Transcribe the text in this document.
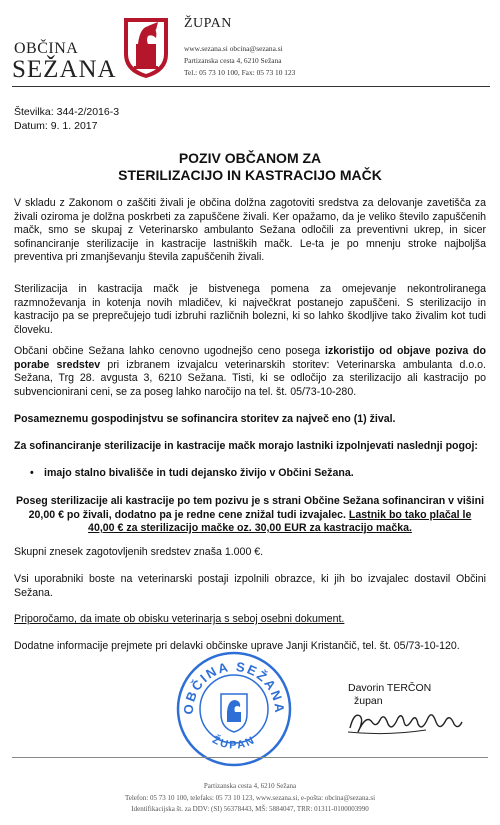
OBČINA
SEŽANA
ŽUPAN
www.sezana.si obcina@sezana.si
Partizanska cesta 4, 6210 Sežana
Tel.: 05 73 10 100, Fax: 05 73 10 123
Številka: 344-2/2016-3
Datum: 9. 1. 2017
POZIV OBČANOM ZA
STERILIZACIJO IN KASTRACIJO MAČK
V skladu z Zakonom o zaščiti živali je občina dolžna zagotoviti sredstva za delovanje zavetišča za živali oziroma je dolžna poskrbeti za zapuščene živali. Ker opažamo, da je veliko število zapuščenih mačk, smo se skupaj z Veterinarsko ambulanto Sežana odločili za preventivni ukrep, in sicer sofinanciranje sterilizacije in kastracije lastniških mačk. Le-ta je po mnenju stroke najboljša preventiva pri zmanjševanju števila zapuščenih živali.
Sterilizacija in kastracija mačk je bistvenega pomena za omejevanje nekontroliranega razmnoževanja in kotenja novih mladičev, ki največkrat postanejo zapuščeni. S sterilizacijo in kastracijo pa se preprečujejo tudi izbruhi različnih bolezni, ki so lahko škodljive tako živalim kot tudi človeku.
Občani občine Sežana lahko cenovno ugodnejšo ceno posega izkoristijo od objave poziva do porabe sredstev pri izbranem izvajalcu veterinarskih storitev: Veterinarska ambulanta d.o.o. Sežana, Trg 28. avgusta 3, 6210 Sežana. Tisti, ki se odločijo za sterilizacijo ali kastracijo po subvencionirani ceni, se za poseg lahko naročijo na tel. št. 05/73-10-280.
Posameznemu gospodinjstvu se sofinancira storitev za največ eno (1) žival.
Za sofinanciranje sterilizacije in kastracije mačk morajo lastniki izpolnjevati naslednji pogoj:
• imajo stalno bivališče in tudi dejansko živijo v Občini Sežana.
Poseg sterilizacije ali kastracije po tem pozivu je s strani Občine Sežana sofinanciran v višini 20,00 € po živali, dodatno pa je redne cene znižal tudi izvajalec. Lastnik bo tako plačal le 40,00 € za sterilizacijo mačke oz. 30,00 EUR za kastracijo mačka.
Skupni znesek zagotovljenih sredstev znaša 1.000 €.
Vsi uporabniki boste na veterinarski postaji izpolnili obrazce, ki jih bo izvajalec dostavil Občini Sežana.
Priporočamo, da imate ob obisku veterinarja s seboj osebni dokument.
Dodatne informacije prejmete pri delavki občinske uprave Janji Kristančič, tel. št. 05/73-10-120.
OBČINA SEŽANA
ŽUPAN
Davorin TERČON
župan
Partizanska cesta 4, 6210 Sežana
Telefon: 05 73 10 100, telefaks: 05 73 10 123, www.sezana.si, e-pošta: obcina@sezana.si
Identifikacijska št. za DDV: (SI) 56378443, MŠ: 5884047, TRR: 01311-0100003990
